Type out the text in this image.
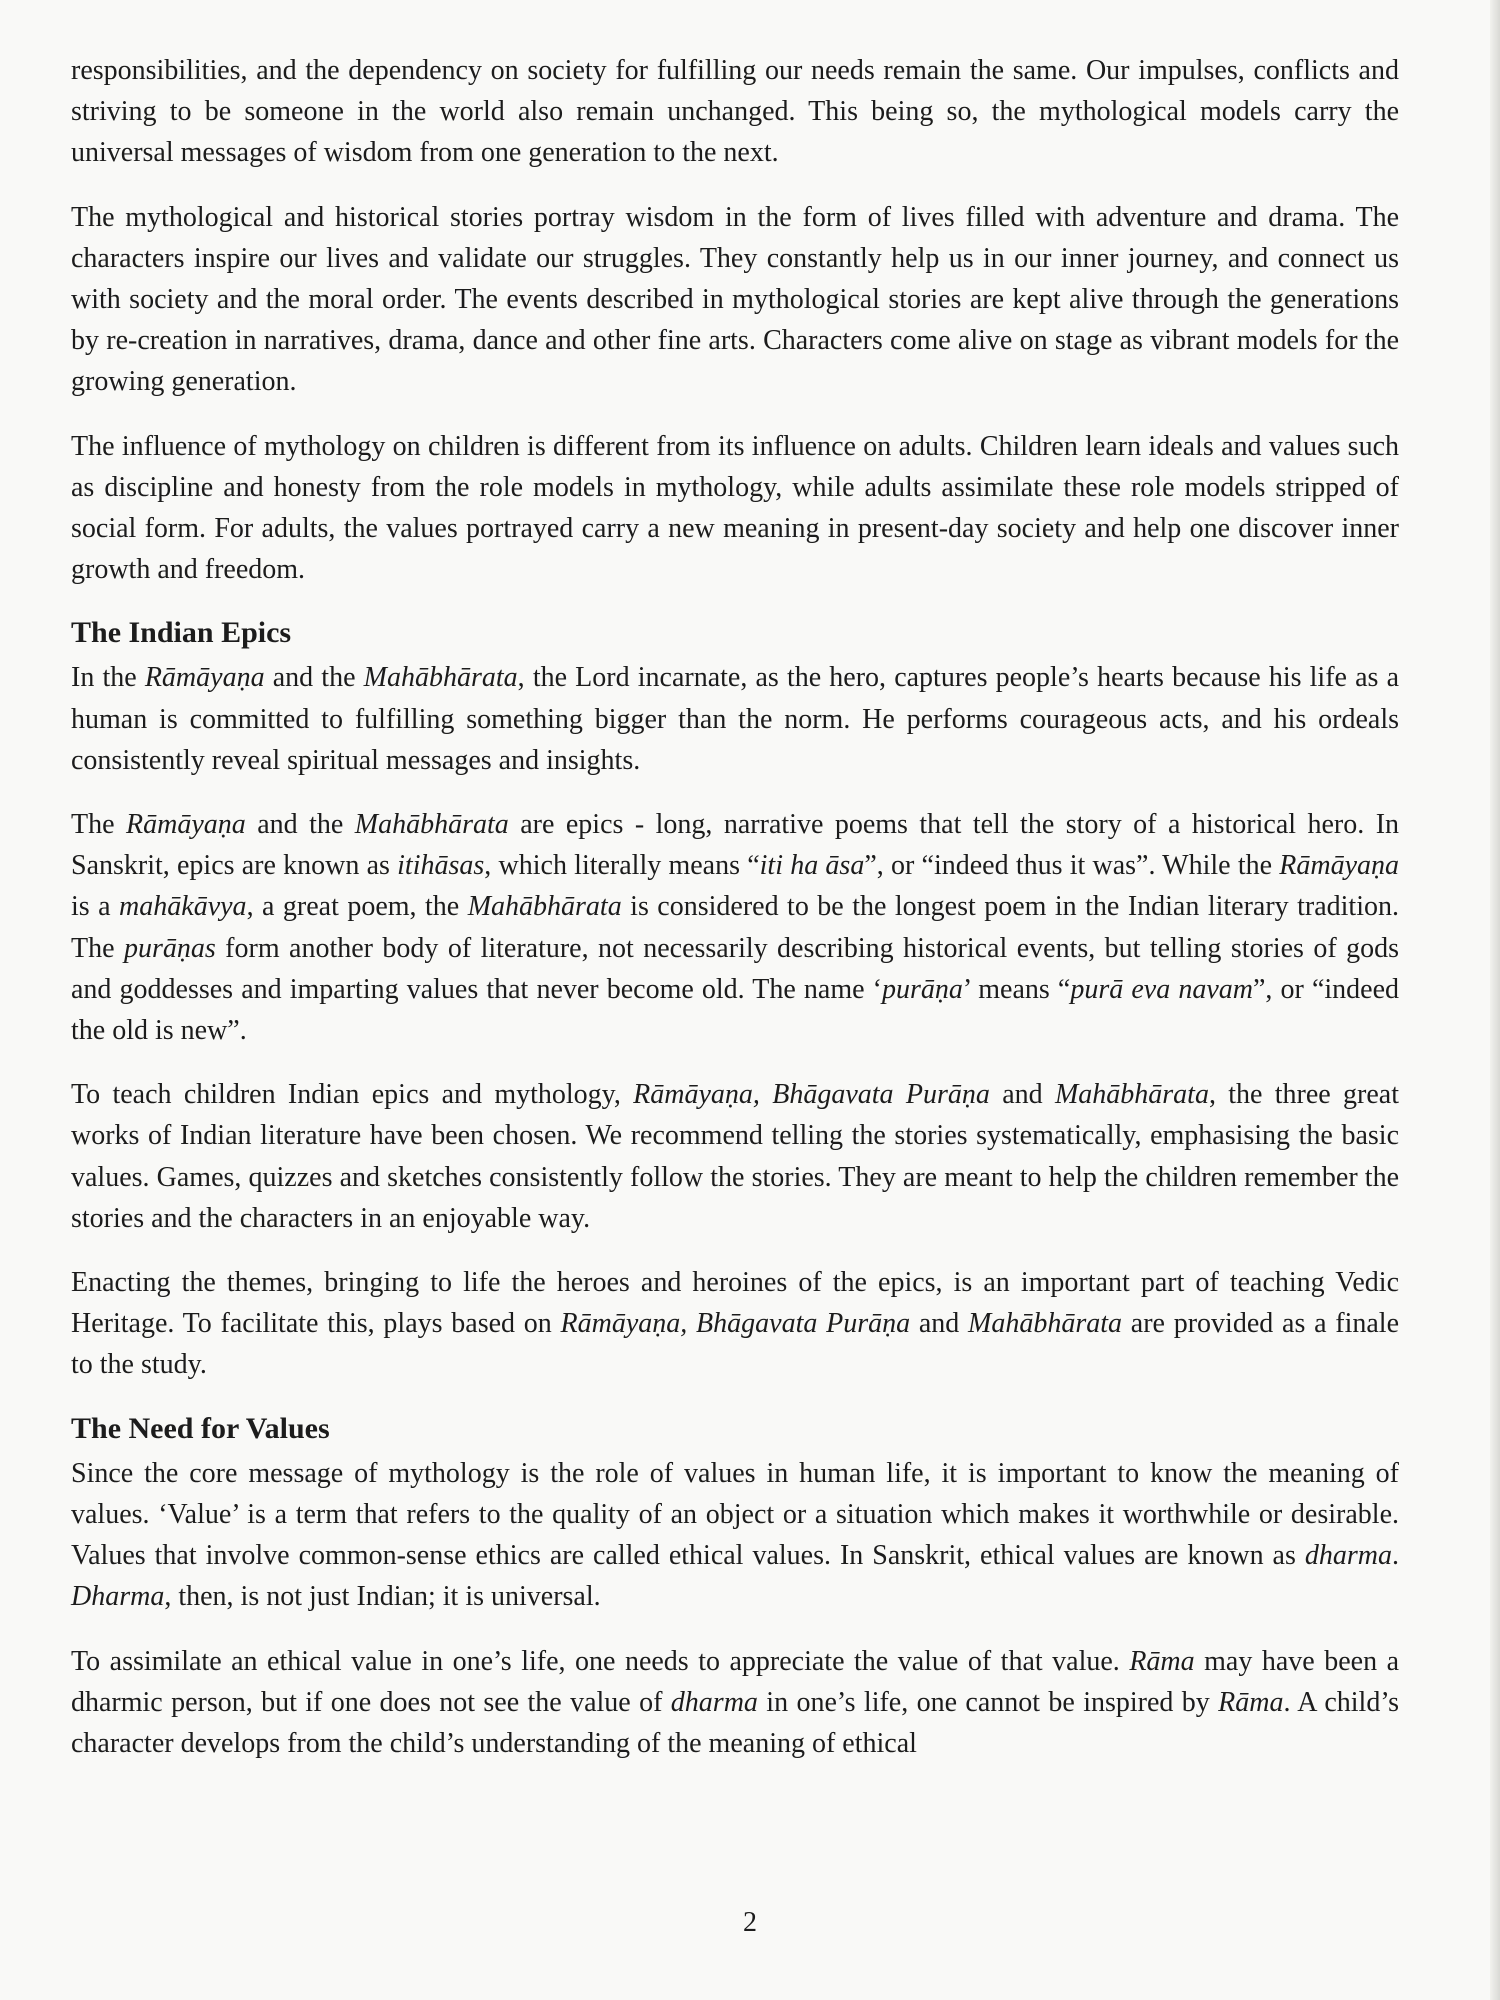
responsibilities, and the dependency on society for fulfilling our needs remain the same. Our impulses, conflicts and striving to be someone in the world also remain unchanged. This being so, the mythological models carry the universal messages of wisdom from one generation to the next.

The mythological and historical stories portray wisdom in the form of lives filled with adventure and drama. The characters inspire our lives and validate our struggles. They constantly help us in our inner journey, and connect us with society and the moral order. The events described in mythological stories are kept alive through the generations by re-creation in narratives, drama, dance and other fine arts. Characters come alive on stage as vibrant models for the growing generation.

The influence of mythology on children is different from its influence on adults. Children learn ideals and values such as discipline and honesty from the role models in mythology, while adults assimilate these role models stripped of social form. For adults, the values portrayed carry a new meaning in present-day society and help one discover inner growth and freedom.

The Indian Epics

In the Rāmāyaṇa and the Mahābhārata, the Lord incarnate, as the hero, captures people’s hearts because his life as a human is committed to fulfilling something bigger than the norm. He performs courageous acts, and his ordeals consistently reveal spiritual messages and insights.

The Rāmāyaṇa and the Mahābhārata are epics - long, narrative poems that tell the story of a historical hero. In Sanskrit, epics are known as itihāsas, which literally means “iti ha āsa”, or “indeed thus it was”. While the Rāmāyaṇa is a mahākāvya, a great poem, the Mahābhārata is considered to be the longest poem in the Indian literary tradition. The purāṇas form another body of literature, not necessarily describing historical events, but telling stories of gods and goddesses and imparting values that never become old. The name ‘purāṇa’ means “purā eva navam”, or “indeed the old is new”.

To teach children Indian epics and mythology, Rāmāyaṇa, Bhāgavata Purāṇa and Mahābhārata, the three great works of Indian literature have been chosen. We recommend telling the stories systematically, emphasising the basic values. Games, quizzes and sketches consistently follow the stories. They are meant to help the children remember the stories and the characters in an enjoyable way.

Enacting the themes, bringing to life the heroes and heroines of the epics, is an important part of teaching Vedic Heritage. To facilitate this, plays based on Rāmāyaṇa, Bhāgavata Purāṇa and Mahābhārata are provided as a finale to the study.

The Need for Values

Since the core message of mythology is the role of values in human life, it is important to know the meaning of values. ‘Value’ is a term that refers to the quality of an object or a situation which makes it worthwhile or desirable. Values that involve common-sense ethics are called ethical values. In Sanskrit, ethical values are known as dharma. Dharma, then, is not just Indian; it is universal.

To assimilate an ethical value in one’s life, one needs to appreciate the value of that value. Rāma may have been a dharmic person, but if one does not see the value of dharma in one’s life, one cannot be inspired by Rāma. A child’s character develops from the child’s understanding of the meaning of ethical

2
